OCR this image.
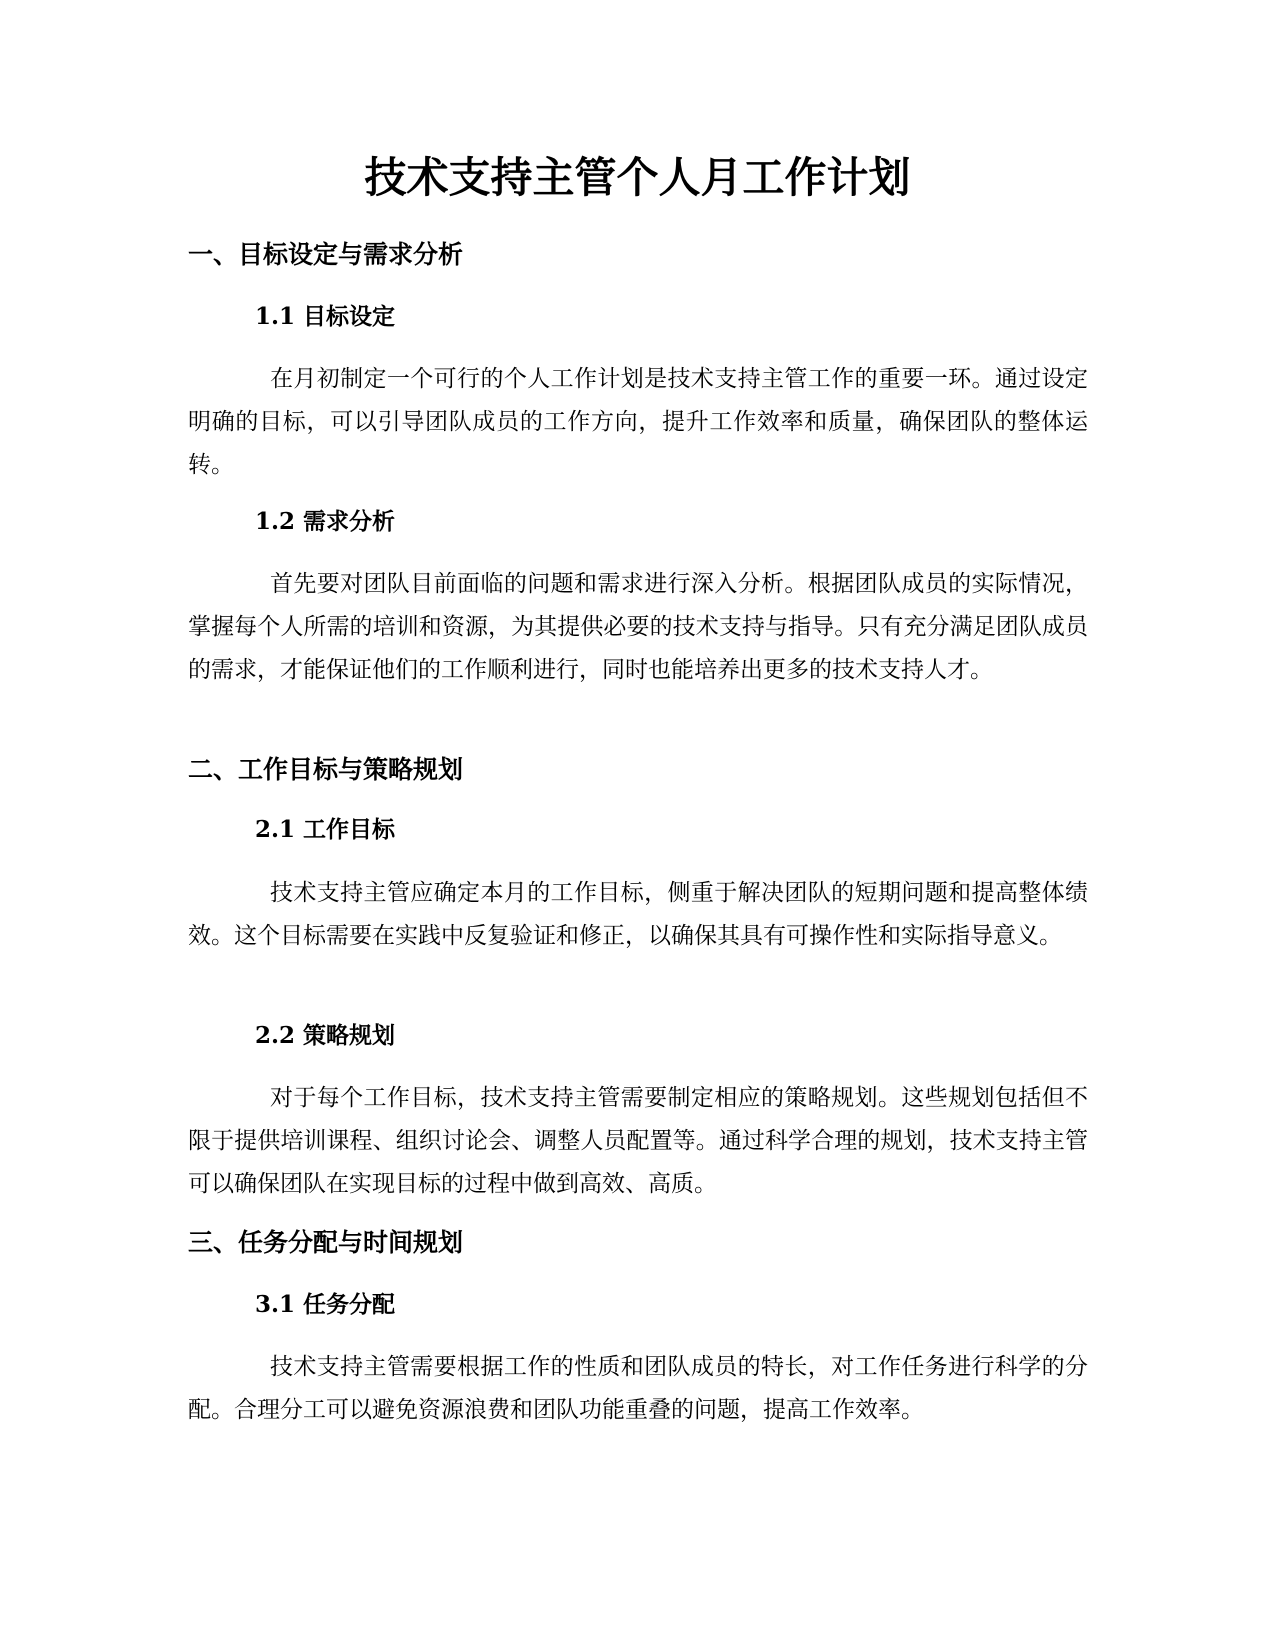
技术支持主管个人月工作计划
一、目标设定与需求分析
1.1 目标设定

在月初制定一个可行的个人工作计划是技术支持主管工作的重要一环。通过设定明确的目标，可以引导团队成员的工作方向，提升工作效率和质量，确保团队的整体运转。

1.2 需求分析

首先要对团队目前面临的问题和需求进行深入分析。根据团队成员的实际情况，掌握每个人所需的培训和资源，为其提供必要的技术支持与指导。只有充分满足团队成员的需求，才能保证他们的工作顺利进行，同时也能培养出更多的技术支持人才。

二、工作目标与策略规划
2.1 工作目标

技术支持主管应确定本月的工作目标，侧重于解决团队的短期问题和提高整体绩效。这个目标需要在实践中反复验证和修正，以确保其具有可操作性和实际指导意义。

2.2 策略规划

对于每个工作目标，技术支持主管需要制定相应的策略规划。这些规划包括但不限于提供培训课程、组织讨论会、调整人员配置等。通过科学合理的规划，技术支持主管可以确保团队在实现目标的过程中做到高效、高质。

三、任务分配与时间规划
3.1 任务分配

技术支持主管需要根据工作的性质和团队成员的特长，对工作任务进行科学的分配。合理分工可以避免资源浪费和团队功能重叠的问题，提高工作效率。
